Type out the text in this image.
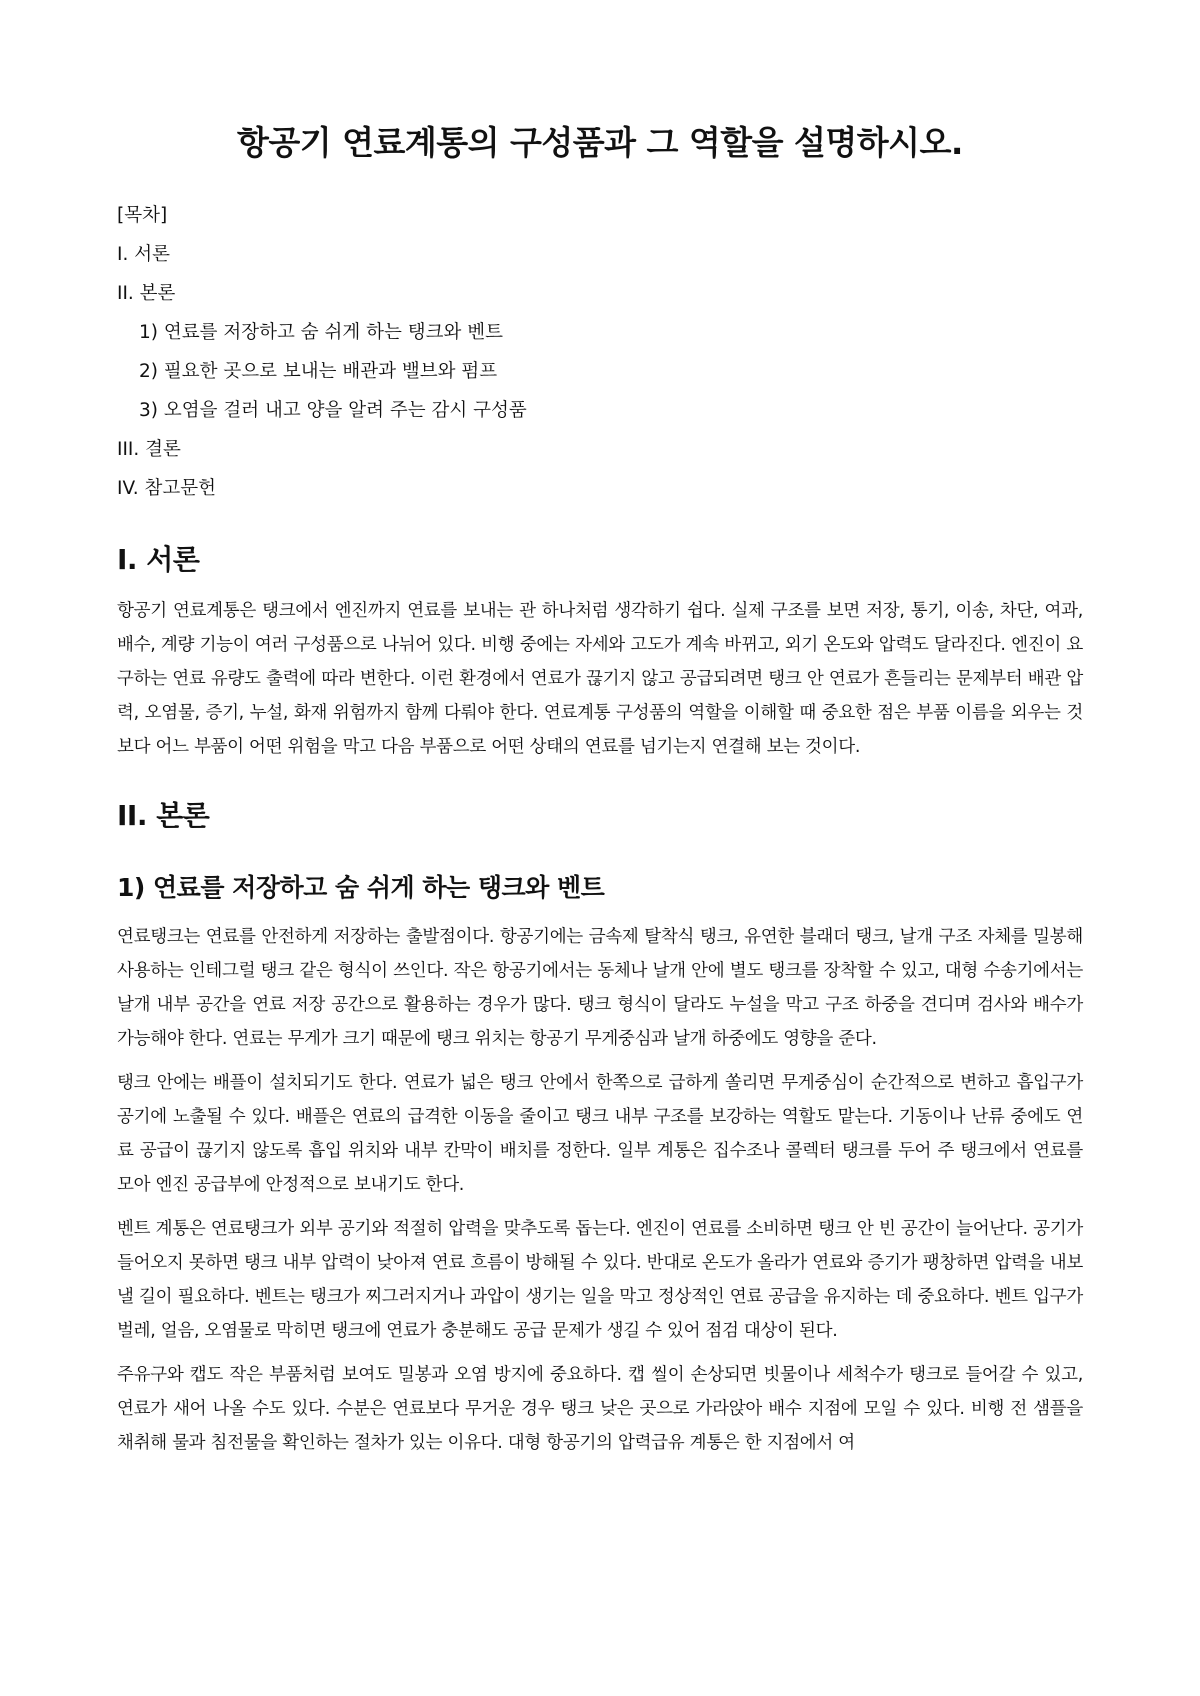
항공기 연료계통의 구성품과 그 역할을 설명하시오.
[목차]
I. 서론
II. 본론
1) 연료를 저장하고 숨 쉬게 하는 탱크와 벤트
2) 필요한 곳으로 보내는 배관과 밸브와 펌프
3) 오염을 걸러 내고 양을 알려 주는 감시 구성품
III. 결론
IV. 참고문헌
I. 서론

항공기 연료계통은 탱크에서 엔진까지 연료를 보내는 관 하나처럼 생각하기 쉽다. 실제 구조를 보면 저장, 통기, 이송, 차단, 여과, 배수, 계량 기능이 여러 구성품으로 나뉘어 있다. 비행 중에는 자세와 고도가 계속 바뀌고, 외기 온도와 압력도 달라진다. 엔진이 요구하는 연료 유량도 출력에 따라 변한다. 이런 환경에서 연료가 끊기지 않고 공급되려면 탱크 안 연료가 흔들리는 문제부터 배관 압력, 오염물, 증기, 누설, 화재 위험까지 함께 다뤄야 한다. 연료계통 구성품의 역할을 이해할 때 중요한 점은 부품 이름을 외우는 것보다 어느 부품이 어떤 위험을 막고 다음 부품으로 어떤 상태의 연료를 넘기는지 연결해 보는 것이다.

II. 본론
1) 연료를 저장하고 숨 쉬게 하는 탱크와 벤트

연료탱크는 연료를 안전하게 저장하는 출발점이다. 항공기에는 금속제 탈착식 탱크, 유연한 블래더 탱크, 날개 구조 자체를 밀봉해 사용하는 인테그럴 탱크 같은 형식이 쓰인다. 작은 항공기에서는 동체나 날개 안에 별도 탱크를 장착할 수 있고, 대형 수송기에서는 날개 내부 공간을 연료 저장 공간으로 활용하는 경우가 많다. 탱크 형식이 달라도 누설을 막고 구조 하중을 견디며 검사와 배수가 가능해야 한다. 연료는 무게가 크기 때문에 탱크 위치는 항공기 무게중심과 날개 하중에도 영향을 준다.

탱크 안에는 배플이 설치되기도 한다. 연료가 넓은 탱크 안에서 한쪽으로 급하게 쏠리면 무게중심이 순간적으로 변하고 흡입구가 공기에 노출될 수 있다. 배플은 연료의 급격한 이동을 줄이고 탱크 내부 구조를 보강하는 역할도 맡는다. 기동이나 난류 중에도 연료 공급이 끊기지 않도록 흡입 위치와 내부 칸막이 배치를 정한다. 일부 계통은 집수조나 콜렉터 탱크를 두어 주 탱크에서 연료를 모아 엔진 공급부에 안정적으로 보내기도 한다.

벤트 계통은 연료탱크가 외부 공기와 적절히 압력을 맞추도록 돕는다. 엔진이 연료를 소비하면 탱크 안 빈 공간이 늘어난다. 공기가 들어오지 못하면 탱크 내부 압력이 낮아져 연료 흐름이 방해될 수 있다. 반대로 온도가 올라가 연료와 증기가 팽창하면 압력을 내보낼 길이 필요하다. 벤트는 탱크가 찌그러지거나 과압이 생기는 일을 막고 정상적인 연료 공급을 유지하는 데 중요하다. 벤트 입구가 벌레, 얼음, 오염물로 막히면 탱크에 연료가 충분해도 공급 문제가 생길 수 있어 점검 대상이 된다.

주유구와 캡도 작은 부품처럼 보여도 밀봉과 오염 방지에 중요하다. 캡 씰이 손상되면 빗물이나 세척수가 탱크로 들어갈 수 있고, 연료가 새어 나올 수도 있다. 수분은 연료보다 무거운 경우 탱크 낮은 곳으로 가라앉아 배수 지점에 모일 수 있다. 비행 전 샘플을 채취해 물과 침전물을 확인하는 절차가 있는 이유다. 대형 항공기의 압력급유 계통은 한 지점에서 여
